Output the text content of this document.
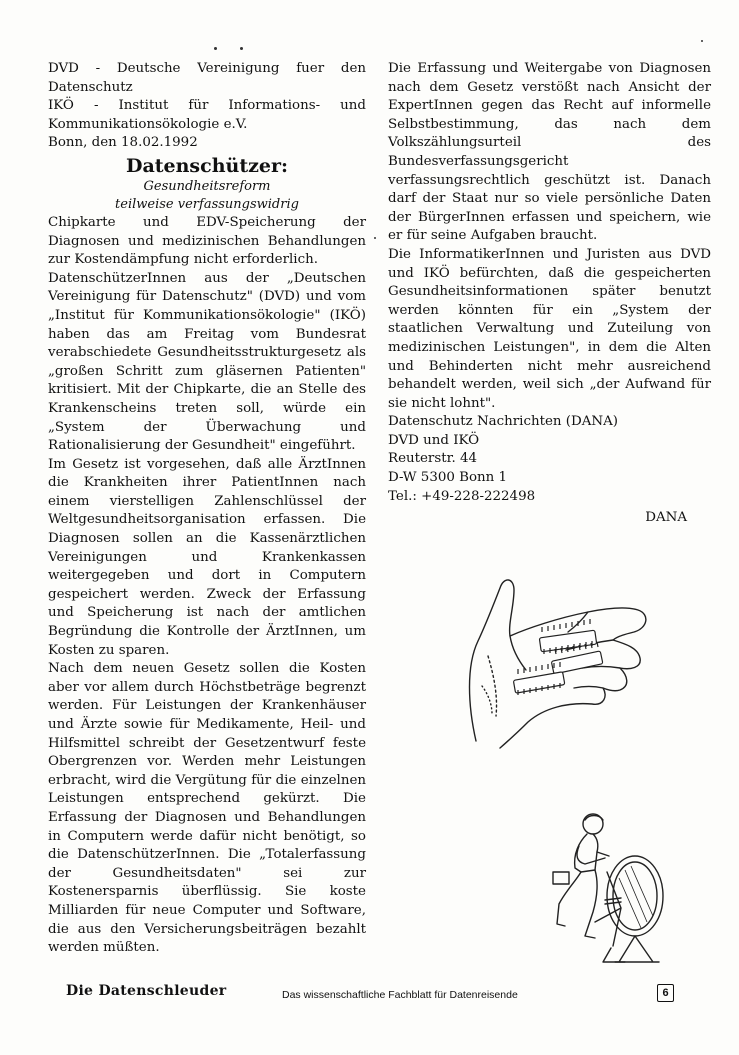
DVD - Deutsche Vereinigung fuer den

Datenschutz

IKÖ - Institut für Informations- und Kommunikationsökologie e.V.

Bonn, den 18.02.1992

Datenschützer:
Gesundheitsreform
teilweise verfassungswidrig

Chipkarte und EDV-Speicherung der Diagnosen und medizinischen Behandlungen zur Kostendämpfung nicht erforderlich.

DatenschützerInnen aus der „Deutschen Vereinigung für Datenschutz" (DVD) und vom „Institut für Kommunikationsökologie" (IKÖ) haben das am Freitag vom Bundesrat verabschiedete Gesundheitsstrukturgesetz als „großen Schritt zum gläsernen Patienten" kritisiert. Mit der Chipkarte, die an Stelle des Krankenscheins treten soll, würde ein „System der Überwachung und Rationalisierung der Gesundheit" eingeführt.

Im Gesetz ist vorgesehen, daß alle ÄrztInnen die Krankheiten ihrer PatientInnen nach einem vierstelligen Zahlenschlüssel der Weltgesundheitsorganisation erfassen. Die Diagnosen sollen an die Kassenärztlichen Vereinigungen und Krankenkassen weitergegeben und dort in Computern gespeichert werden. Zweck der Erfassung und Speicherung ist nach der amtlichen Begründung die Kontrolle der ÄrztInnen, um Kosten zu sparen.

Nach dem neuen Gesetz sollen die Kosten aber vor allem durch Höchstbeträge begrenzt werden. Für Leistungen der Krankenhäuser und Ärzte sowie für Medikamente, Heil- und Hilfsmittel schreibt der Gesetzentwurf feste Obergrenzen vor. Werden mehr Leistungen erbracht, wird die Vergütung für die einzelnen Leistungen entsprechend gekürzt. Die Erfassung der Diagnosen und Behandlungen in Computern werde dafür nicht benötigt, so die DatenschützerInnen. Die „Totalerfassung der Gesundheitsdaten" sei zur Kostenersparnis überflüssig. Sie koste Milliarden für neue Computer und Software, die aus den Versicherungsbeiträgen bezahlt werden müßten.

Die Erfassung und Weitergabe von Diagnosen nach dem Gesetz verstößt nach Ansicht der ExpertInnen gegen das Recht auf informelle Selbstbestimmung, das nach dem Volkszählungsurteil des Bundesverfassungsgericht verfassungsrechtlich geschützt ist. Danach darf der Staat nur so viele persönliche Daten der BürgerInnen erfassen und speichern, wie er für seine Aufgaben braucht.

Die InformatikerInnen und Juristen aus DVD und IKÖ befürchten, daß die gespeicherten Gesundheitsinformationen später benutzt werden könnten für ein „System der staatlichen Verwaltung und Zuteilung von medizinischen Leistungen", in dem die Alten und Behinderten nicht mehr ausreichend behandelt werden, weil sich „der Aufwand für sie nicht lohnt".

Datenschutz Nachrichten (DANA)

DVD und IKÖ

Reuterstr. 44

D-W 5300 Bonn 1

Tel.: +49-228-222498

DANA

Die Datenschleuder	Das wissenschaftliche Fachblatt für Datenreisende	6
